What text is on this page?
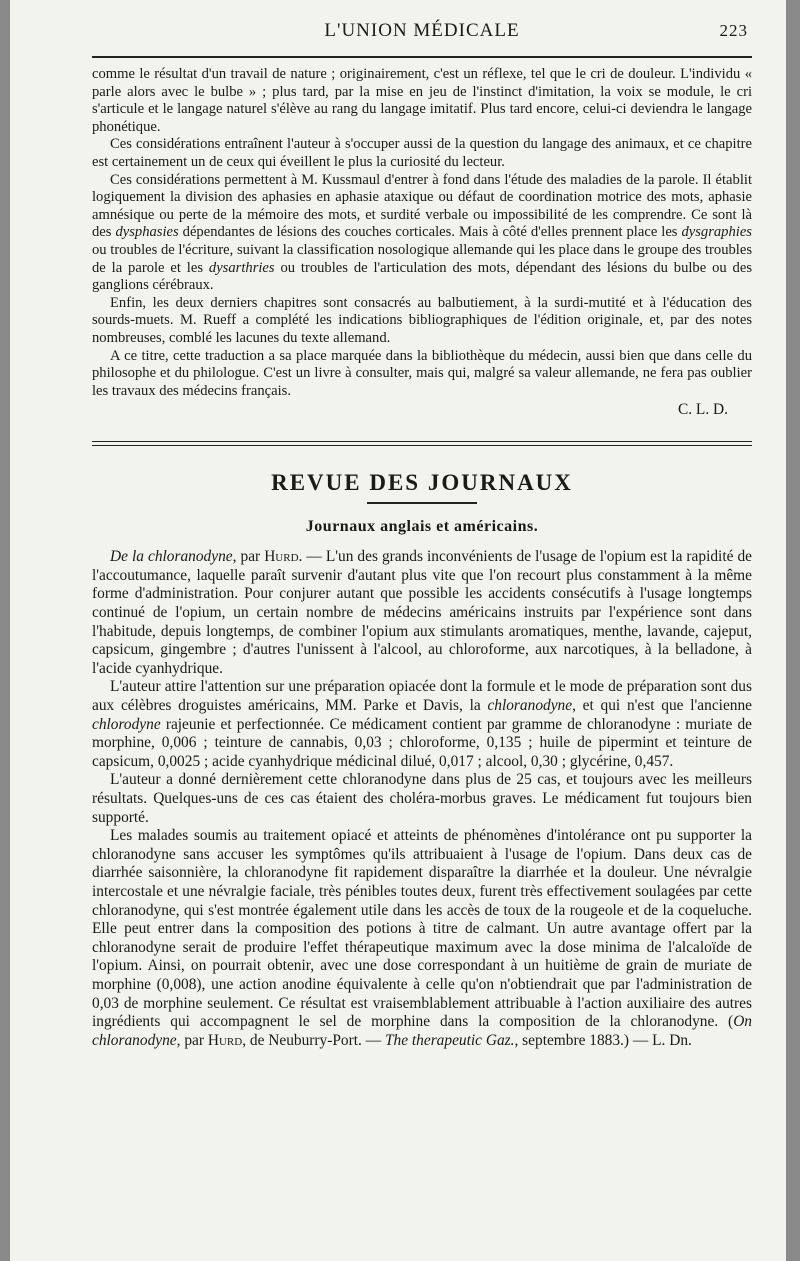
L'UNION MÉDICALE	223

comme le résultat d'un travail de nature ; originairement, c'est un réflexe, tel que le cri de douleur. L'individu « parle alors avec le bulbe » ; plus tard, par la mise en jeu de l'instinct d'imitation, la voix se module, le cri s'articule et le langage naturel s'élève au rang du langage imitatif. Plus tard encore, celui-ci deviendra le langage phonétique.

Ces considérations entraînent l'auteur à s'occuper aussi de la question du langage des animaux, et ce chapitre est certainement un de ceux qui éveillent le plus la curiosité du lecteur.

Ces considérations permettent à M. Kussmaul d'entrer à fond dans l'étude des maladies de la parole. Il établit logiquement la division des aphasies en aphasie ataxique ou défaut de coordination motrice des mots, aphasie amnésique ou perte de la mémoire des mots, et surdité verbale ou impossibilité de les comprendre. Ce sont là des dysphasies dépendantes de lésions des couches corticales. Mais à côté d'elles prennent place les dysgraphies ou troubles de l'écriture, suivant la classification nosologique allemande qui les place dans le groupe des troubles de la parole et les dysarthries ou troubles de l'articulation des mots, dépendant des lésions du bulbe ou des ganglions cérébraux.

Enfin, les deux derniers chapitres sont consacrés au balbutiement, à la surdi-mutité et à l'éducation des sourds-muets. M. Rueff a complété les indications bibliographiques de l'édition originale, et, par des notes nombreuses, comblé les lacunes du texte allemand.

A ce titre, cette traduction a sa place marquée dans la bibliothèque du médecin, aussi bien que dans celle du philosophe et du philologue. C'est un livre à consulter, mais qui, malgré sa valeur allemande, ne fera pas oublier les travaux des médecins français.

C. L. D.
REVUE DES JOURNAUX
Journaux anglais et américains.

De la chloranodyne, par Hurd. — L'un des grands inconvénients de l'usage de l'opium est la rapidité de l'accoutumance, laquelle paraît survenir d'autant plus vite que l'on recourt plus constamment à la même forme d'administration. Pour conjurer autant que possible les accidents consécutifs à l'usage longtemps continué de l'opium, un certain nombre de médecins américains instruits par l'expérience sont dans l'habitude, depuis longtemps, de combiner l'opium aux stimulants aromatiques, menthe, lavande, cajeput, capsicum, gingembre ; d'autres l'unissent à l'alcool, au chloroforme, aux narcotiques, à la belladone, à l'acide cyanhydrique.

L'auteur attire l'attention sur une préparation opiacée dont la formule et le mode de préparation sont dus aux célèbres droguistes américains, MM. Parke et Davis, la chloranodyne, et qui n'est que l'ancienne chlorodyne rajeunie et perfectionnée. Ce médicament contient par gramme de chloranodyne : muriate de morphine, 0,006 ; teinture de cannabis, 0,03 ; chloroforme, 0,135 ; huile de pipermint et teinture de capsicum, 0,0025 ; acide cyanhydrique médicinal dilué, 0,017 ; alcool, 0,30 ; glycérine, 0,457.

L'auteur a donné dernièrement cette chloranodyne dans plus de 25 cas, et toujours avec les meilleurs résultats. Quelques-uns de ces cas étaient des choléra-morbus graves. Le médicament fut toujours bien supporté.

Les malades soumis au traitement opiacé et atteints de phénomènes d'intolérance ont pu supporter la chloranodyne sans accuser les symptômes qu'ils attribuaient à l'usage de l'opium. Dans deux cas de diarrhée saisonnière, la chloranodyne fit rapidement disparaître la diarrhée et la douleur. Une névralgie intercostale et une névralgie faciale, très pénibles toutes deux, furent très effectivement soulagées par cette chloranodyne, qui s'est montrée également utile dans les accès de toux de la rougeole et de la coqueluche. Elle peut entrer dans la composition des potions à titre de calmant. Un autre avantage offert par la chloranodyne serait de produire l'effet thérapeutique maximum avec la dose minima de l'alcaloïde de l'opium. Ainsi, on pourrait obtenir, avec une dose correspondant à un huitième de grain de muriate de morphine (0,008), une action anodine équivalente à celle qu'on n'obtiendrait que par l'administration de 0,03 de morphine seulement. Ce résultat est vraisemblablement attribuable à l'action auxiliaire des autres ingrédients qui accompagnent le sel de morphine dans la composition de la chloranodyne. (On chloranodyne, par Hurd, de Neuburry-Port. — The therapeutic Gaz., septembre 1883.) — L. Dn.
